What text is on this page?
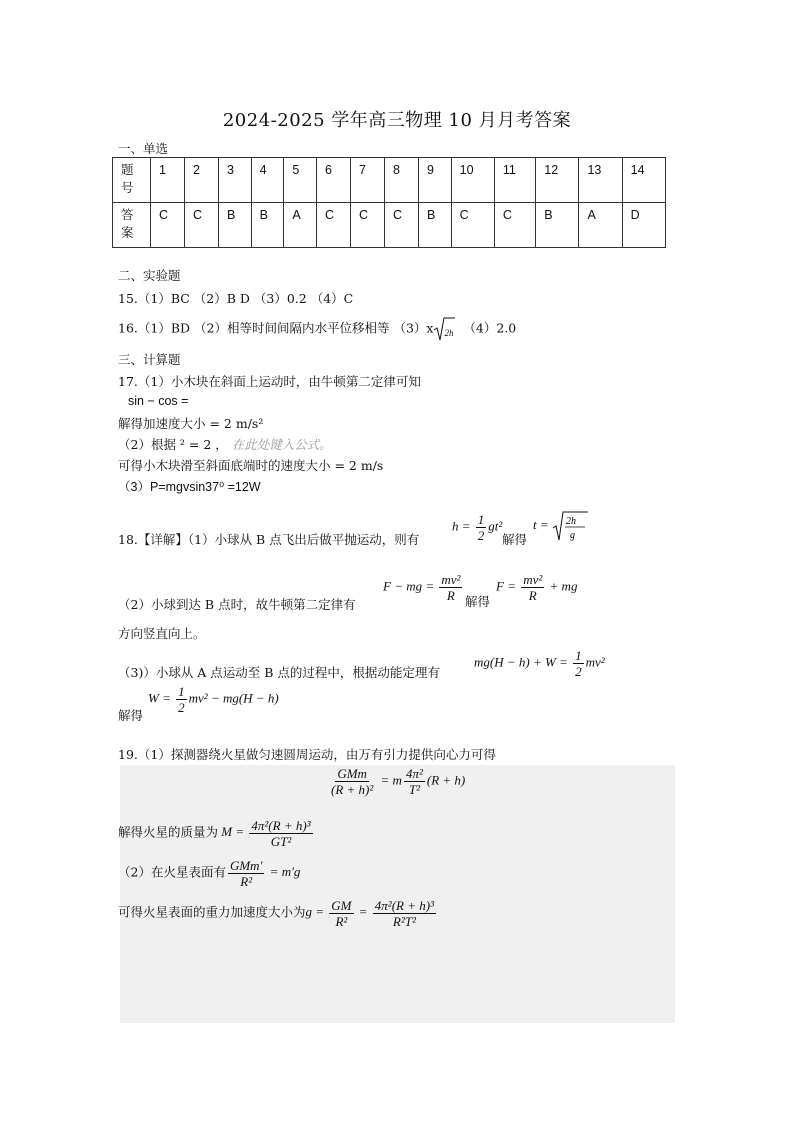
2024-2025 学年高三物理 10 月月考答案
一、单选
题号	1	2	3	4	5	6	7	8	9	10	11	12	13	14

答案	C	C	B	B	A	C	C	C	B	C	C	B	A	D
二、实验题
15.（1）BC （2）B D （3）0.2 （4）C
16.（1）BD （2）相等时间间隔内水平位移相等 （3）x 2h （4）2.0
三、计算题
17.（1）小木块在斜面上运动时，由牛顿第二定律可知
sin − cos =
解得加速度大小 = 2 m/s²
（2）根据 ² = 2 ， 在此处键入公式。
可得小木块滑至斜面底端时的速度大小 = 2 m/s
（3）P=mgvsin37⁰ =12W
18.【详解】（1）小球从 B 点飞出后做平抛运动，则有
$h = \frac{1}{2} gt^2$
解得
t = 2h
g
（2）小球到达 B 点时，故牛顿第二定律有
F − mg = $\frac{\text{mv²}}{R}$ 解得
$F = \frac{\text{mv²}}{R}$ + mg
方向竖直向上。
（3)）小球从 A 点运动至 B 点的过程中，根据动能定理有
$mg(H - h) + W = \frac{1}{2} mv^2$
$W = \frac{1}{2} mv^2 - mg(H - h)$
解得
19.（1）探测器绕火星做匀速圆周运动，由万有引力提供向心力可得
$\frac{\text{GMm}}{\text{(R + h)²}} = m \frac{\text{4π²}}{\text{T²}} (R + h)$
解得火星的质量为 $M = \frac{\text{4π²(R + h)³}}{\text{GT²}}$
（2）在火星表面有 $\frac{\text{GMm′}}{\text{R²}} = m'g$
可得火星表面的重力加速度大小为$g = \frac{GM}{\text{R²}} = \frac{\text{4π²(R + h)³}}{\text{R²T²}}$
